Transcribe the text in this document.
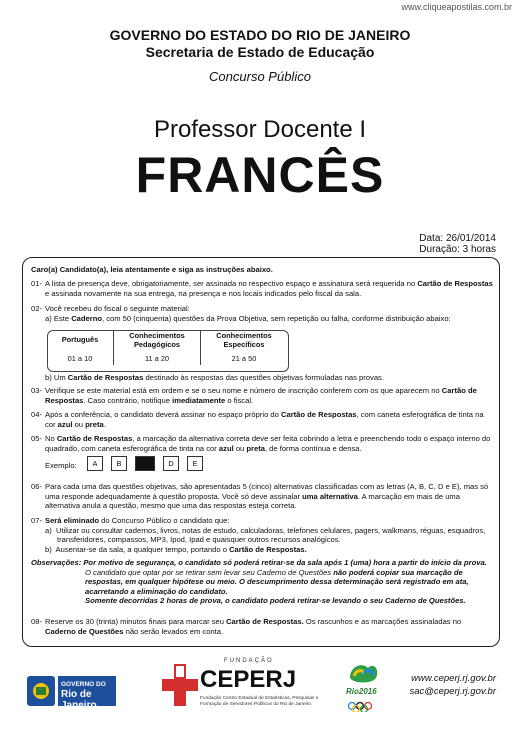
www.cliqueapostilas.com.br
GOVERNO DO ESTADO DO RIO DE JANEIRO
Secretaria de Estado de Educação
Concurso Público
Professor Docente I
FRANCÊS
Data: 26/01/2014
Duração: 3 horas
Caro(a) Candidato(a), leia atentamente e siga as instruções abaixo.
01- A lista de presença deve, obrigatoriamente, ser assinada no respectivo espaço e assinatura será requerida no Cartão de Respostas e assinada novamente na sua entrega, na presença e nos locais indicados pelo fiscal da sala.
02- Você recebeu do fiscal o seguinte material:
a) Este Caderno, com 50 (cinquenta) questões da Prova Objetiva, sem repetição ou falha, conforme distribuição abaixo:
Português	Conhecimentos Pedagógicos	Conhecimentos Específicos
01 a 10	11 a 20	21 a 50
b) Um Cartão de Respostas destinado às respostas das questões objetivas formuladas nas provas.
03- Verifique se este material está em ordem e se o seu nome e número de inscrição conferem com os que aparecem no Cartão de Respostas. Caso contrário, notifique imediatamente o fiscal.
04- Após a conferência, o candidato deverá assinar no espaço próprio do Cartão de Respostas, com caneta esferográfica de tinta na cor azul ou preta.
05- No Cartão de Respostas, a marcação da alternativa correta deve ser feita cobrindo a letra e preenchendo todo o espaço interno do quadrado, com caneta esferográfica de tinta na cor azul ou preta, de forma contínua e densa.
Exemplo:	A	B	D	E
06- Para cada uma das questões objetivas, são apresentadas 5 (cinco) alternativas classificadas com as letras (A, B, C, D e E), mas só uma responde adequadamente à questão proposta. Você só deve assinalar uma alternativa. A marcação em mais de uma alternativa anula a questão, mesmo que uma das respostas esteja correta.
07- Será eliminado do Concurso Público o candidato que:
a)  Utilizar ou consultar cadernos, livros, notas de estudo, calculadoras, telefones celulares, pagers, walkmans, réguas, esquadros, transferidores, compassos, MP3, Ipod, Ipad e quaisquer outros recursos analógicos.
b)  Ausentar-se da sala, a qualquer tempo, portando o Cartão de Respostas.
Observações: Por motivo de segurança, o candidato só poderá retirar-se da sala após 1 (uma) hora a partir do início da prova.
O candidato que optar por se retirar sem levar seu Caderno de Questões não poderá copiar sua marcação de respostas, em qualquer hipótese ou meio. O descumprimento dessa determinação será registrado em ata, acarretando a eliminação do candidato.
Somente decorridas 2 horas de prova, o candidato poderá retirar-se levando o seu Caderno de Questões.
08- Reserve os 30 (trinta) minutos finais para marcar seu Cartão de Respostas. Os rascunhos e as marcações assinaladas no Caderno de Questões não serão levados em conta.
GOVERNO DO
Rio de Janeiro
FUNDAÇÃO
CEPERJ
Fundação Centro Estadual de Estatísticas, Pesquisas e
Formação de Servidores Públicos do Rio de Janeiro
Rio2016
www.ceperj.rj.gov.br
sac@ceperj.rj.gov.br
